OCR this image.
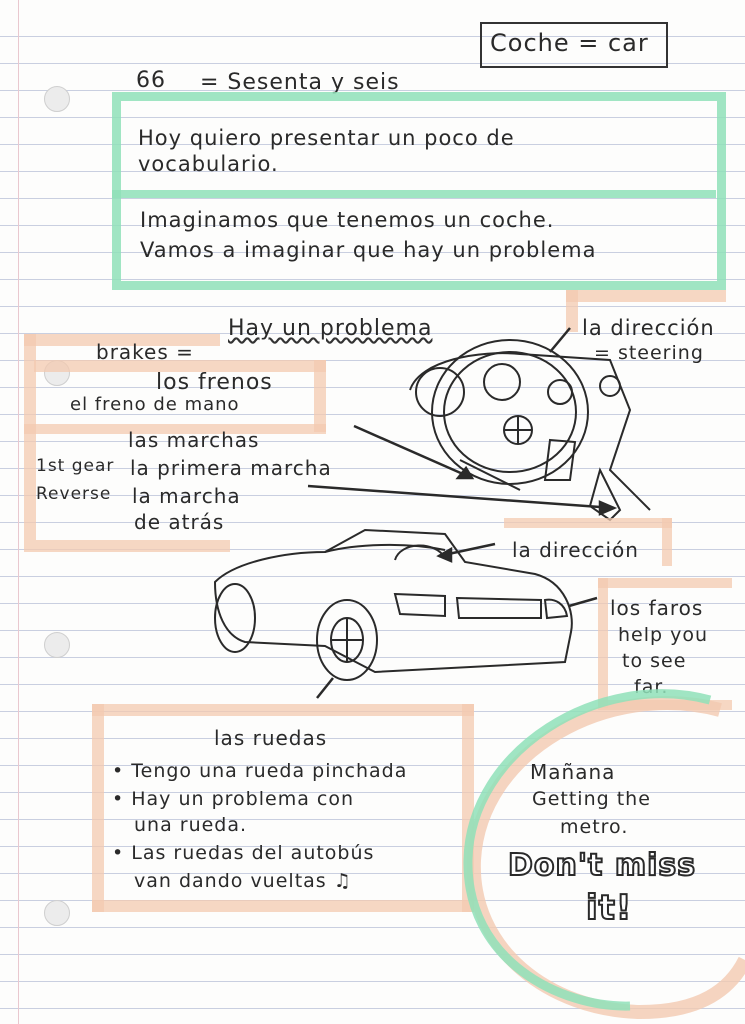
Coche = car
66 = Sesenta y seis
Hoy quiero presentar un poco de
vocabulario.
Imaginamos que tenemos un coche.
Vamos a imaginar que hay un problema
Hay un problema	la dirección
= steering
brakes =
los frenos
el freno de mano
las marchas
1st gear la primera marcha
Reverse la marcha
de atrás
la dirección
los faros
help you
to see
far.
las ruedas
• Tengo una rueda pinchada
• Hay un problema con
una rueda.
• Las ruedas del autobús
van dando vueltas ♫
Mañana
Getting the
metro.
Don't miss
it!
